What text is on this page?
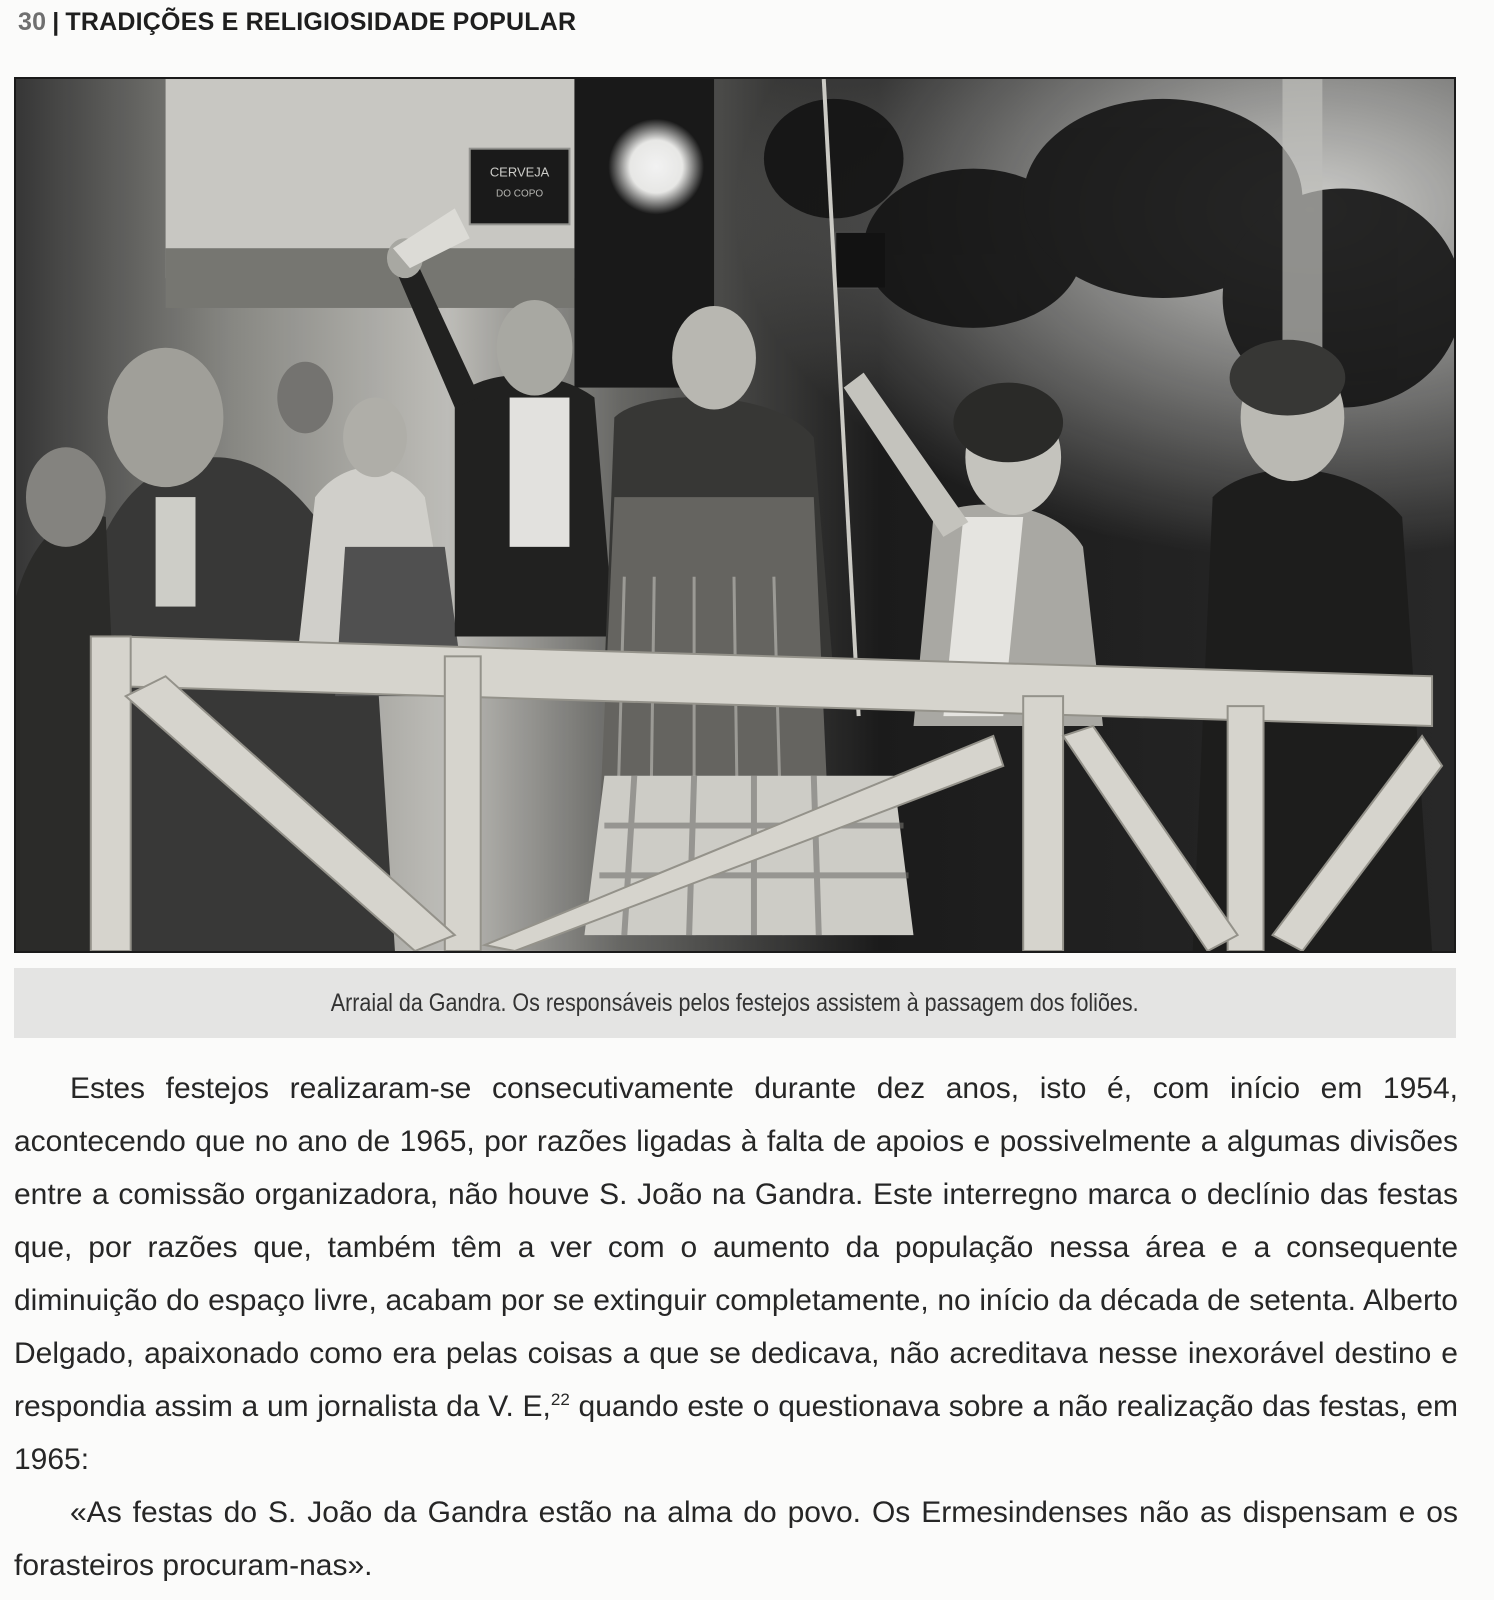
30 | TRADIÇÕES E RELIGIOSIDADE POPULAR
CERVEJA
DO COPO
Arraial da Gandra. Os responsáveis pelos festejos assistem à passagem dos foliões.

Estes festejos realizaram-se consecutivamente durante dez anos, isto é, com início em 1954, acontecendo que no ano de 1965, por razões ligadas à falta de apoios e possivelmente a algumas divisões entre a comissão organizadora, não houve S. João na Gandra. Este interregno marca o declínio das festas que, por razões que, também têm a ver com o aumento da população nessa área e a consequente diminuição do espaço livre, acabam por se extinguir completamente, no início da década de setenta. Alberto Delgado, apaixonado como era pelas coisas a que se dedicava, não acreditava nesse inexorável destino e respondia assim a um jornalista da V. E,$^{22}$ quando este o questionava sobre a não realização das festas, em 1965:

«As festas do S. João da Gandra estão na alma do povo. Os Ermesindenses não as dispensam e os forasteiros procuram-nas».
